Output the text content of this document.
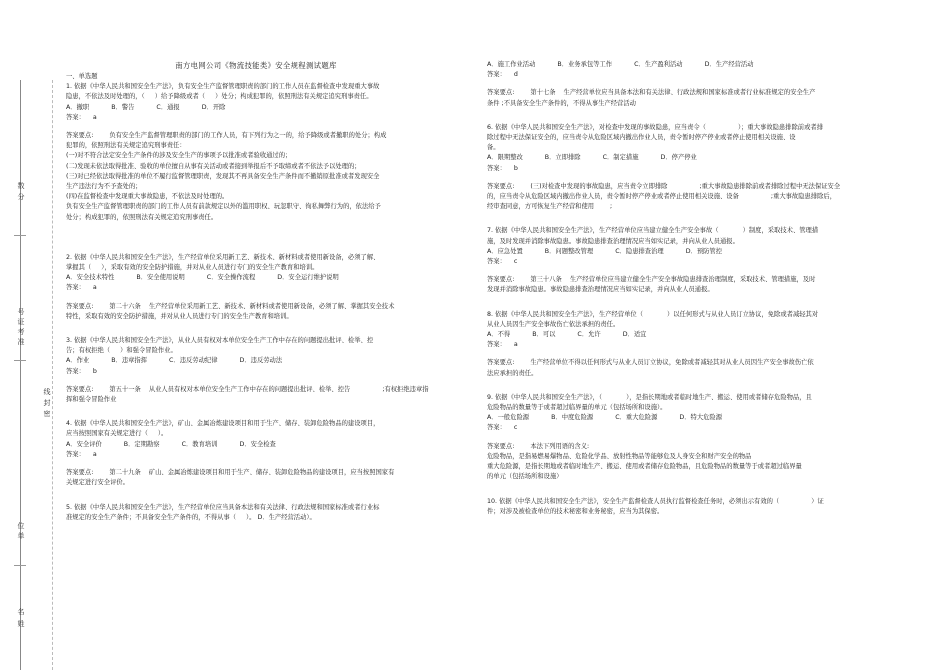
数
分
号
证
考
准
线
封
密
位
单
名
姓
南方电网公司《物流技能类》安全规程测试题库

一、单选题

1. 依据《中华人民共和国安全生产法》，负有安全生产监督管理职责的部门的工作人员在监督检查中发现重大事故
隐患，不依法及时处理的，（     ）给予降级或者（     ）处分；构成犯罪的，依照刑法有关规定追究刑事责任。

A．撤职	B．警告	C．通报	D．开除

答案：    a

答案要点:        负有安全生产监督管理职责的部门的工作人员，有下列行为之一的，给予降级或者撤职的处分；构成
犯罪的，依照刑法有关规定追究刑事责任：
(一)对不符合法定安全生产条件的涉及安全生产的事项予以批准或者验收通过的；
(二)发现未依法取得批准、验收的单位擅自从事有关活动或者接到举报后不予取缔或者不依法予以处理的；
(三)对已经依法取得批准的单位不履行监督管理职责，发现其不再具备安全生产条件而不撤销原批准或者发现安全
生产违法行为不予查处的；
(四)在监督检查中发现重大事故隐患，不依法及时处理的。
负有安全生产监督管理职责的部门的工作人员有前款规定以外的滥用职权、玩忽职守、徇私舞弊行为的，依法给予
处分；构成犯罪的，依照刑法有关规定追究刑事责任。

2. 依据《中华人民共和国安全生产法》，生产经营单位采用新工艺、新技术、新材料或者使用新设备，必须了解、
掌握其（     ），采取有效的安全防护措施，并对从业人员进行专门的安全生产教育和培训。

A．安全技术特性	B．安全使用说明	C．安全操作流程	D．安全运行维护说明

答案：    a

答案要点:        第二十六条    生产经营单位采用新工艺、新技术、新材料或者使用新设备，必须了解、掌握其安全技术
特性，采取有效的安全防护措施，并对从业人员进行专门的安全生产教育和培训。

3. 依据《中华人民共和国安全生产法》，从业人员有权对本单位安全生产工作中存在的问题提出批评、检举、控
告；有权拒绝（     ）和强令冒险作业。

A．作业	B．违章指挥	C．违反劳动纪律	D．违反劳动法

答案：    b

答案要点:        第五十一条    从业人员有权对本单位安全生产工作中存在的问题提出批评、检举、控告                ;有权拒绝违章指
挥和强令冒险作业

4. 依据《中华人民共和国安全生产法》，矿山、金属冶炼建设项目和用于生产、储存、装卸危险物品的建设项目，
应当按照国家有关规定进行（     ）。

A．安全评价	B．定期勘察	C．教育培训	D．安全检查

答案：    a

答案要点:        第二十九条    矿山、金属冶炼建设项目和用于生产、储存、装卸危险物品的建设项目，应当按照国家有
关规定进行安全评价。

5. 依据《中华人民共和国安全生产法》，生产经营单位应当具备本法和有关法律、行政法规和国家标准或者行业标
准规定的安全生产条件；不具备安全生产条件的，不得从事（     ）。 D．生产经营活动）。

A．施工作业活动	B．业务承包等工作	C．生产盈利活动	D．生产经营活动

答案：    d

答案要点:        第十七条    生产经营单位应当具备本法和有关法律、行政法规和国家标准或者行业标准规定的安全生产
条件 ;不具备安全生产条件的，不得从事生产经营活动

6. 依据《中华人民共和国安全生产法》，对检查中发现的事故隐患，应当责令（                ）；重大事故隐患排除前或者排
除过程中无法保证安全的，应当责令从危险区域内撤出作业人员，责令暂时停产停业或者停止使用相关设施、设
备。

A．限期整改	B．立即排除	C．制定措施	D．停产停业

答案：    b

答案要点:        (三)对检查中发现的事故隐患，应当责令立即排除                ;重大事故隐患排除前或者排除过程中无法保证安全
的，应当责令从危险区域内撤出作业人员，责令暂时停产停业或者停止使用相关设施、设备                ;重大事故隐患排除后，
经审查同意，方可恢复生产经营和使用        ;

7. 依据《中华人民共和国安全生产法》，生产经营单位应当建立健全生产安全事故（            ）制度，采取技术、管理措
施，及时发现并消除事故隐患。事故隐患排查治理情况应当如实记录，并向从业人员通报。

A．应急处置	B．问题整改管理	C．隐患排查治理	D．预防管控

答案：    c

答案要点:        第三十八条    生产经营单位应当建立健全生产安全事故隐患排查治理制度，采取技术、管理措施，及时
发现并消除事故隐患。事故隐患排查治理情况应当如实记录，并向从业人员通报。

8. 依据《中华人民共和国安全生产法》，生产经营单位（            ）以任何形式与从业人员订立协议，免除或者减轻其对
从业人员因生产安全事故伤亡依法承担的责任。

A．不得	B．可以	C．允许	D．适宜

答案：    a

答案要点:        生产经营单位不得以任何形式与从业人员订立协议，免除或者减轻其对从业人员因生产安全事故伤亡依
法应承担的责任。

9. 依据《中华人民共和国安全生产法》，（            ），是指长期地或者临时地生产、搬运、使用或者储存危险物品，且
危险物品的数量等于或者超过临界量的单元（包括场所和设施）。

A．一般危险源	B．中度危险源	C．重大危险源	D．特大危险源

答案：    c

答案要点:        本法下列用语的含义:
危险物品，是指易燃易爆物品、危险化学品、放射性物品等能够危及人身安全和财产安全的物品
重大危险源，是指长期地或者临时地生产、搬运、使用或者储存危险物品，且危险物品的数量等于或者超过临界量
的单元（包括场所和设施）

10. 依据《中华人民共和国安全生产法》，安全生产监督检查人员执行监督检查任务时，必须出示有效的（                ）证
件；对涉及被检查单位的技术秘密和业务秘密，应当为其保密。
